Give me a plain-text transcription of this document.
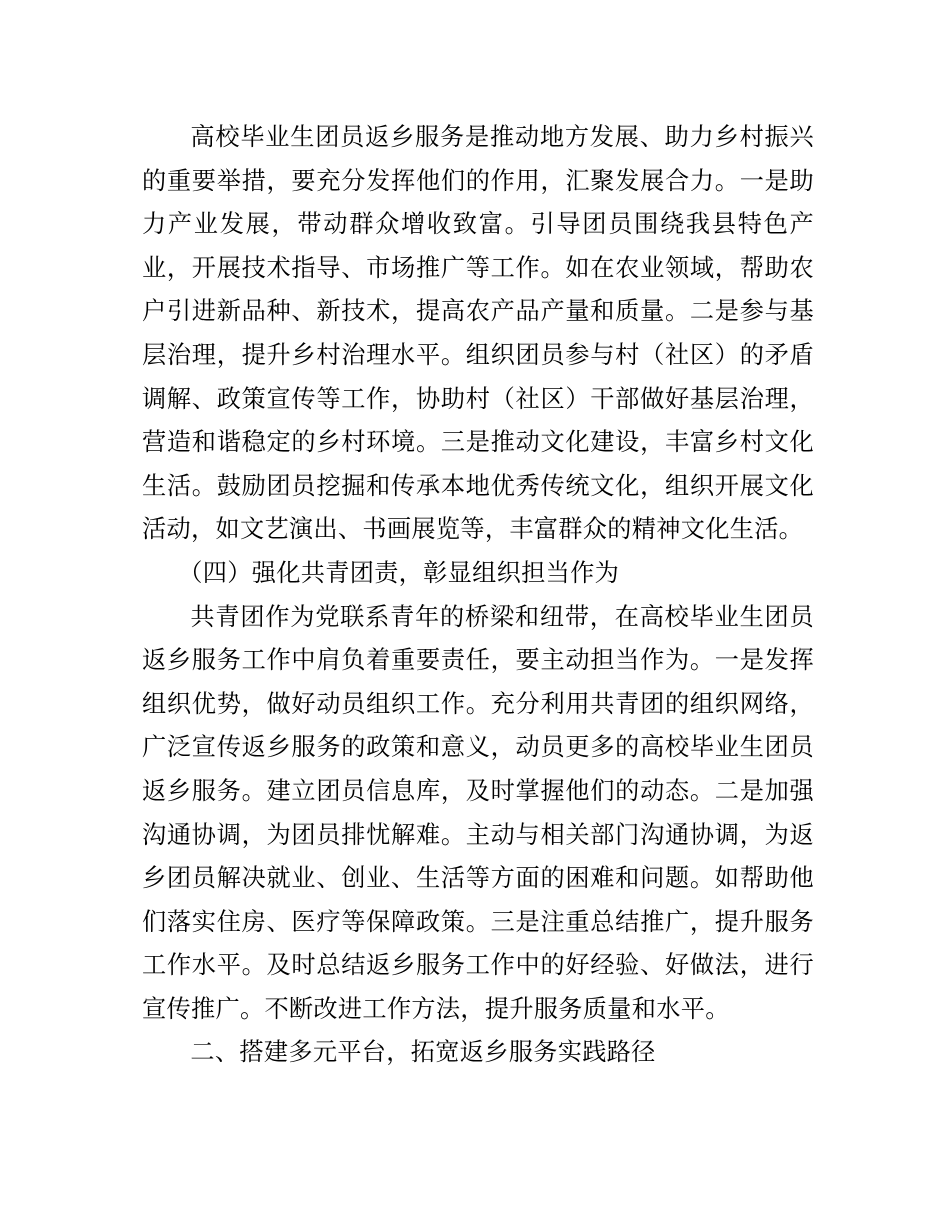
高校毕业生团员返乡服务是推动地方发展、助力乡村振兴的重要举措，要充分发挥他们的作用，汇聚发展合力。一是助力产业发展，带动群众增收致富。引导团员围绕我县特色产业，开展技术指导、市场推广等工作。如在农业领域，帮助农户引进新品种、新技术，提高农产品产量和质量。二是参与基层治理，提升乡村治理水平。组织团员参与村（社区）的矛盾调解、政策宣传等工作，协助村（社区）干部做好基层治理，营造和谐稳定的乡村环境。三是推动文化建设，丰富乡村文化生活。鼓励团员挖掘和传承本地优秀传统文化，组织开展文化活动，如文艺演出、书画展览等，丰富群众的精神文化生活。

（四）强化共青团责，彰显组织担当作为

共青团作为党联系青年的桥梁和纽带，在高校毕业生团员返乡服务工作中肩负着重要责任，要主动担当作为。一是发挥组织优势，做好动员组织工作。充分利用共青团的组织网络，广泛宣传返乡服务的政策和意义，动员更多的高校毕业生团员返乡服务。建立团员信息库，及时掌握他们的动态。二是加强沟通协调，为团员排忧解难。主动与相关部门沟通协调，为返乡团员解决就业、创业、生活等方面的困难和问题。如帮助他们落实住房、医疗等保障政策。三是注重总结推广，提升服务工作水平。及时总结返乡服务工作中的好经验、好做法，进行宣传推广。不断改进工作方法，提升服务质量和水平。

二、搭建多元平台，拓宽返乡服务实践路径
